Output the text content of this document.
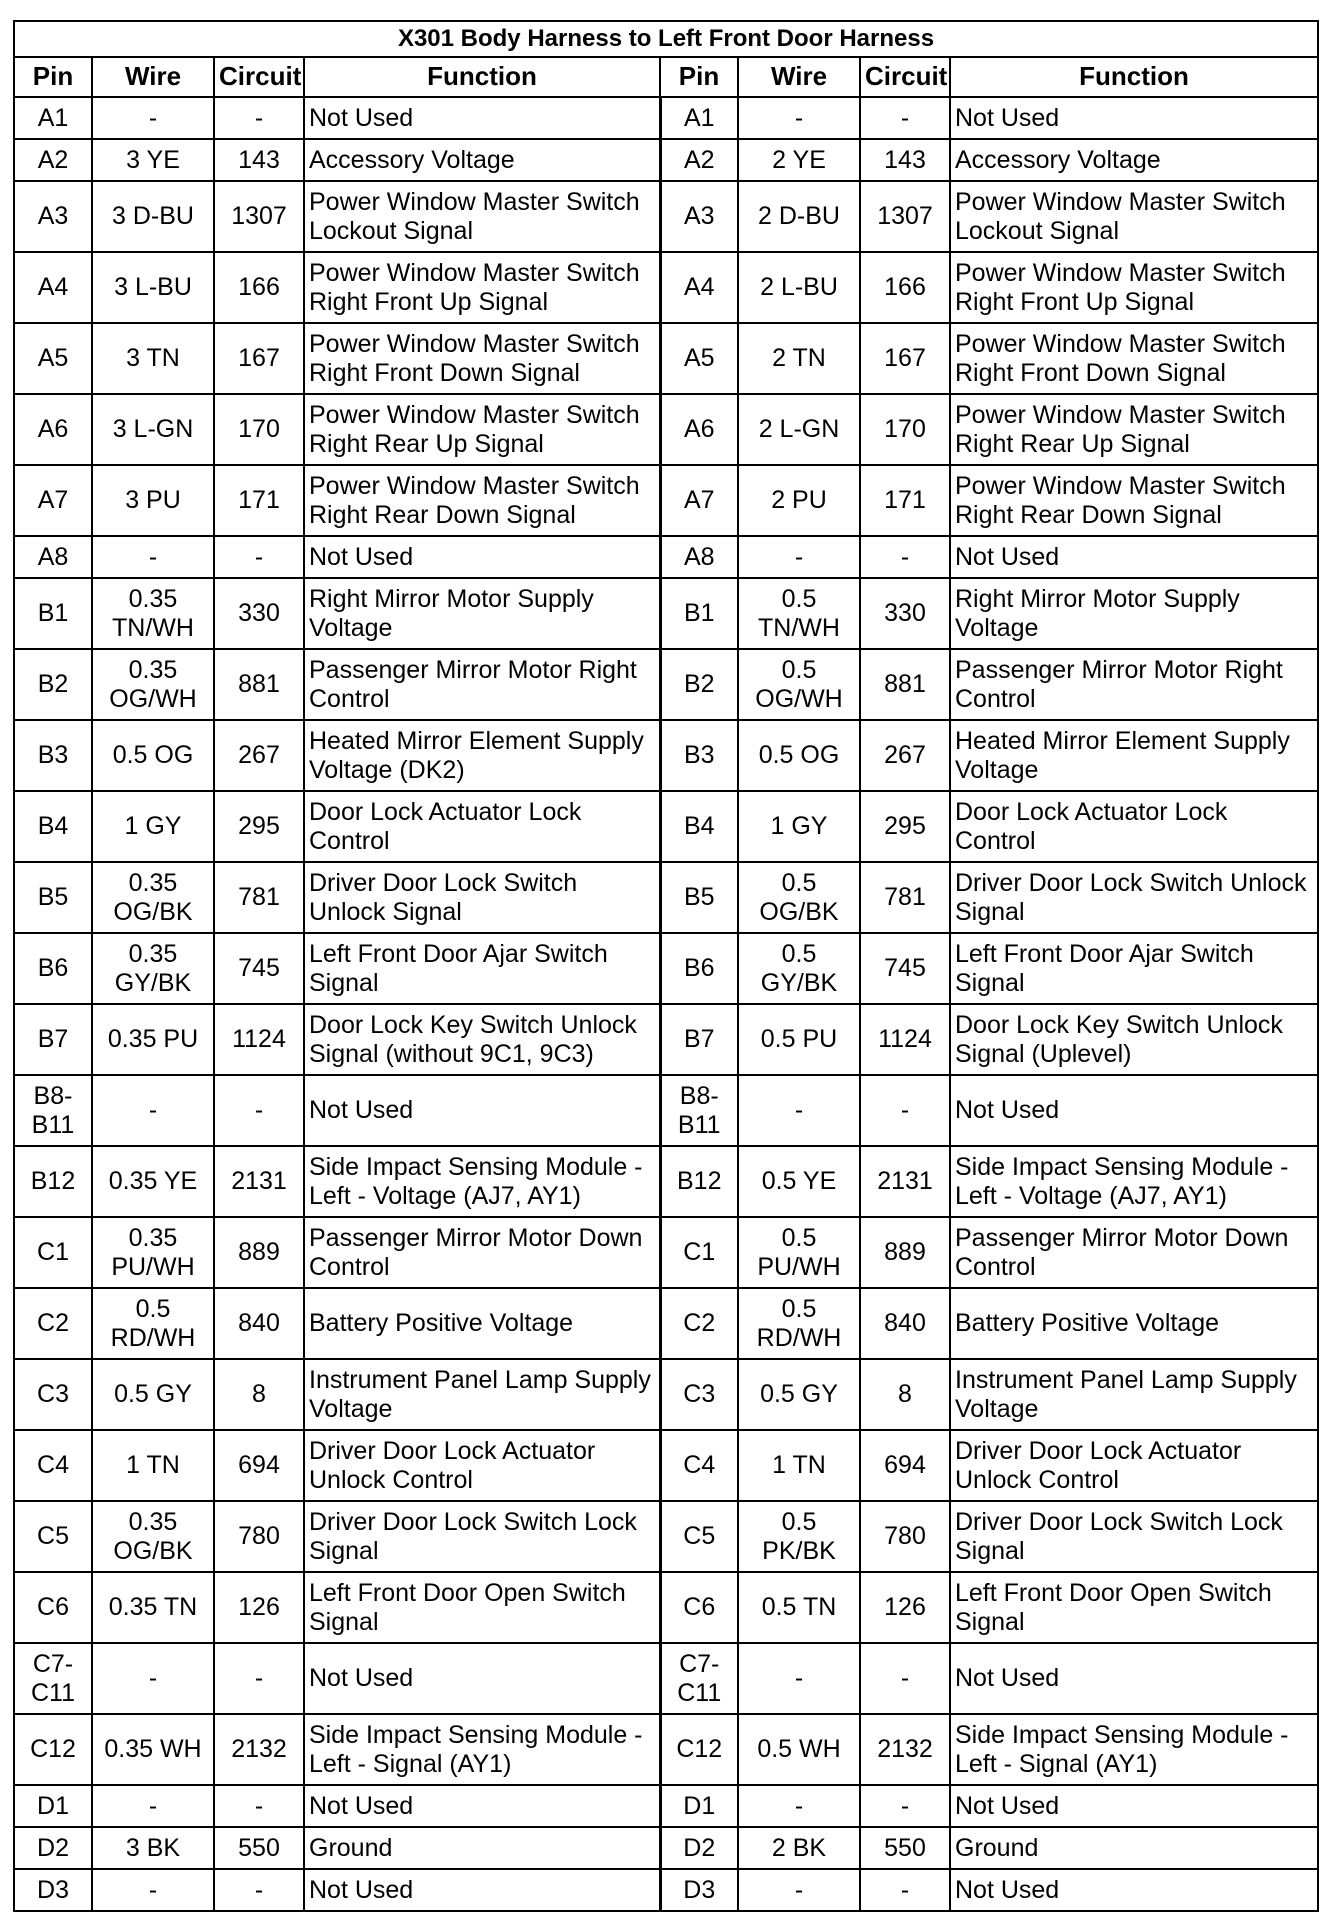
X301 Body Harness to Left Front Door Harness							
Pin	Wire	Circuit	Function	Pin	Wire	Circuit	Function
A1	-	-	Not Used	A1	-	-	Not Used
A2	3 YE	143	Accessory Voltage	A2	2 YE	143	Accessory Voltage
A3	3 D-BU	1307	Power Window Master Switch Lockout Signal	A3	2 D-BU	1307	Power Window Master Switch Lockout Signal
A4	3 L-BU	166	Power Window Master Switch Right Front Up Signal	A4	2 L-BU	166	Power Window Master Switch Right Front Up Signal
A5	3 TN	167	Power Window Master Switch Right Front Down Signal	A5	2 TN	167	Power Window Master Switch Right Front Down Signal
A6	3 L-GN	170	Power Window Master Switch Right Rear Up Signal	A6	2 L-GN	170	Power Window Master Switch Right Rear Up Signal
A7	3 PU	171	Power Window Master Switch Right Rear Down Signal	A7	2 PU	171	Power Window Master Switch Right Rear Down Signal
A8	-	-	Not Used	A8	-	-	Not Used
B1	0.35 TN/WH	330	Right Mirror Motor Supply Voltage	B1	0.5 TN/WH	330	Right Mirror Motor Supply Voltage
B2	0.35 OG/WH	881	Passenger Mirror Motor Right Control	B2	0.5 OG/WH	881	Passenger Mirror Motor Right Control
B3	0.5 OG	267	Heated Mirror Element Supply Voltage (DK2)	B3	0.5 OG	267	Heated Mirror Element Supply Voltage
B4	1 GY	295	Door Lock Actuator Lock Control	B4	1 GY	295	Door Lock Actuator Lock Control
B5	0.35 OG/BK	781	Driver Door Lock Switch Unlock Signal	B5	0.5 OG/BK	781	Driver Door Lock Switch Unlock Signal
B6	0.35 GY/BK	745	Left Front Door Ajar Switch Signal	B6	0.5 GY/BK	745	Left Front Door Ajar Switch Signal
B7	0.35 PU	1124	Door Lock Key Switch Unlock Signal (without 9C1, 9C3)	B7	0.5 PU	1124	Door Lock Key Switch Unlock Signal (Uplevel)
B8-B11	-	-	Not Used	B8-B11	-	-	Not Used
B12	0.35 YE	2131	Side Impact Sensing Module - Left - Voltage (AJ7, AY1)	B12	0.5 YE	2131	Side Impact Sensing Module - Left - Voltage (AJ7, AY1)
C1	0.35 PU/WH	889	Passenger Mirror Motor Down Control	C1	0.5 PU/WH	889	Passenger Mirror Motor Down Control
C2	0.5 RD/WH	840	Battery Positive Voltage	C2	0.5 RD/WH	840	Battery Positive Voltage
C3	0.5 GY	8	Instrument Panel Lamp Supply Voltage	C3	0.5 GY	8	Instrument Panel Lamp Supply Voltage
C4	1 TN	694	Driver Door Lock Actuator Unlock Control	C4	1 TN	694	Driver Door Lock Actuator Unlock Control
C5	0.35 OG/BK	780	Driver Door Lock Switch Lock Signal	C5	0.5 PK/BK	780	Driver Door Lock Switch Lock Signal
C6	0.35 TN	126	Left Front Door Open Switch Signal	C6	0.5 TN	126	Left Front Door Open Switch Signal
C7-C11	-	-	Not Used	C7-C11	-	-	Not Used
C12	0.35 WH	2132	Side Impact Sensing Module - Left - Signal (AY1)	C12	0.5 WH	2132	Side Impact Sensing Module - Left - Signal (AY1)
D1	-	-	Not Used	D1	-	-	Not Used
D2	3 BK	550	Ground	D2	2 BK	550	Ground
D3	-	-	Not Used	D3	-	-	Not Used
